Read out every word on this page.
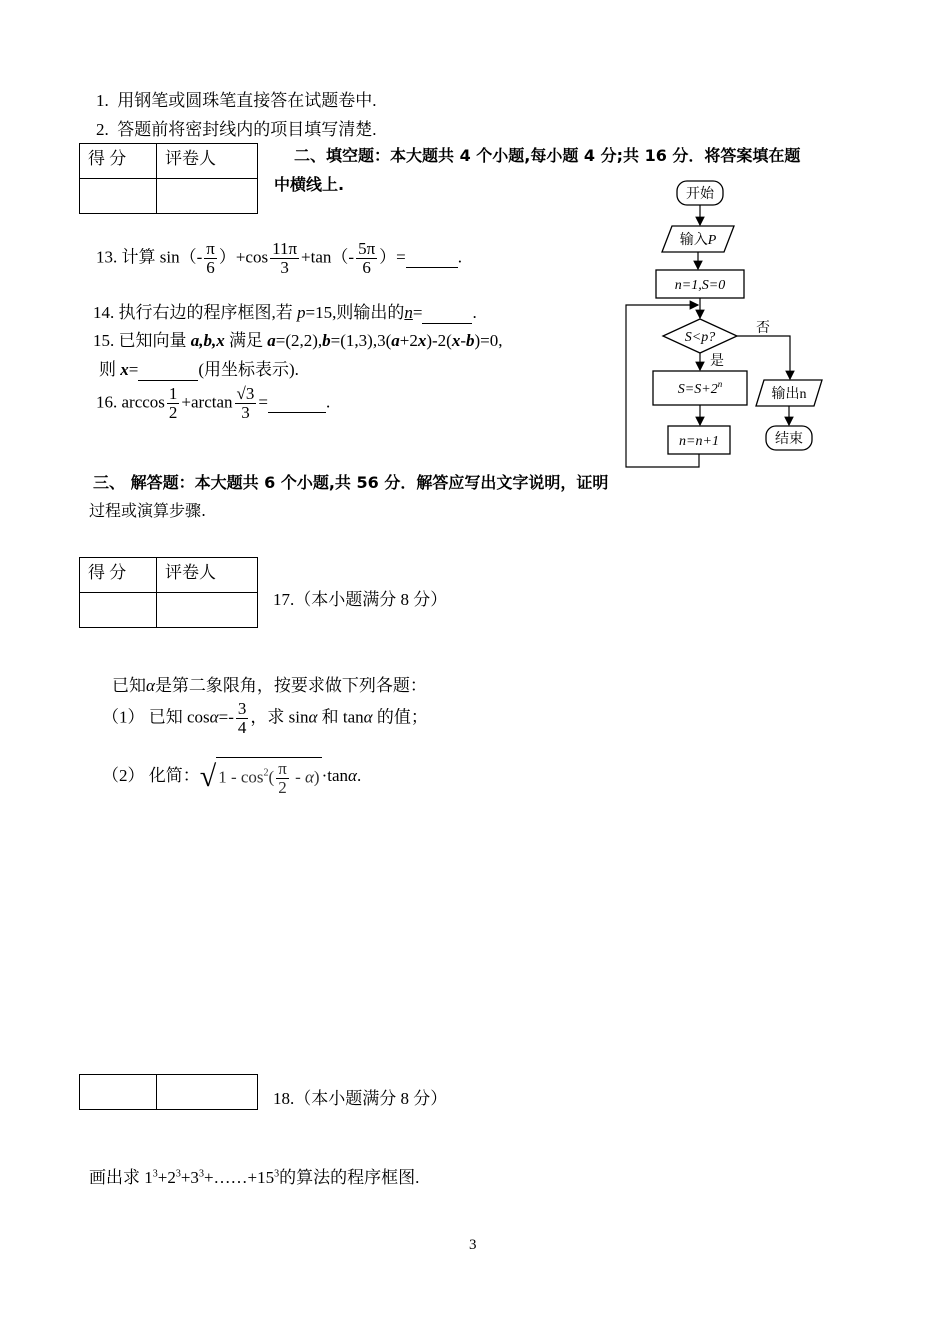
1. 用钢笔或圆珠笔直接答在试题卷中.
2. 答题前将密封线内的项目填写清楚.
得 分	评卷人
		二、填空题：本大题共 4 个小题,每小题 4 分;共 16 分．将答案填在题
中横线上.
13. 计算 $\sin(- \frac{\pi}{6} )+\cos \frac{11\pi}{3} +\tan(- \frac{5\pi}{6}$ ）=	.
14. 执行右边的程序框图,若 p=15,则输出的n=	.
15. 已知向量 a,b,x 满足 a=(2,2),b=(1,3),3(a+2x)-2(x-b)=0,
则 x=	(用坐标表示).
16. $\arccos \frac{1}{2} +\arctan \frac{√3}{3}$ =	.
开始
输入P
n=1,S=0
S<p?
否
是
$S=S+2^n$
n=n+1
输出n
结束
三、 解答题：本大题共 6 个小题,共 56 分．解答应写出文字说明，证明
过程或演算步骤.
得 分	评卷人

17.（本小题满分 8 分）
已知α是第二象限角，按要求做下列各题：
（1） 已知 $\cos\alpha=- \frac{3}{4}$ ，求 sinα 和 tanα 的值；
（2） 化简：√ $1 - \cos^2( \frac{\pi}{2} - \alpha) \cdot\tan\alpha$.

18.（本小题满分 8 分）
画出求 $1^3+2^3+3^3+\dots\dots+15^3$的算法的程序框图.
3
